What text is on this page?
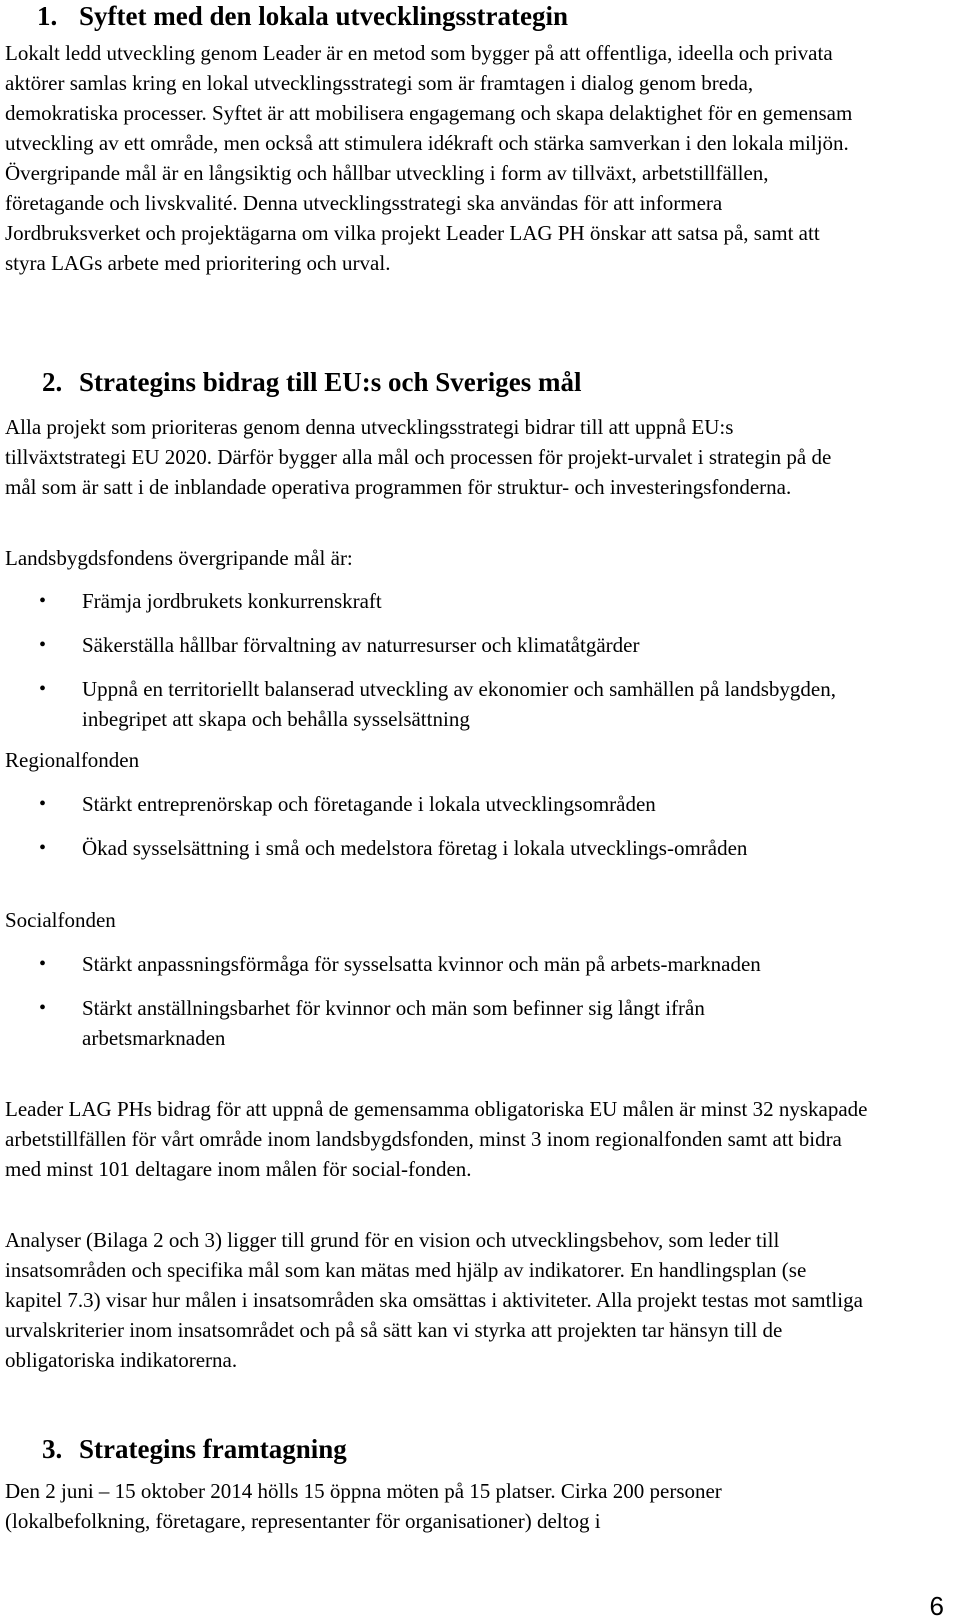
1. Syftet med den lokala utvecklingsstrategin

Lokalt ledd utveckling genom Leader är en metod som bygger på att offentliga, ideella och privata aktörer samlas kring en lokal utvecklingsstrategi som är framtagen i dialog genom breda, demokratiska processer. Syftet är att mobilisera engagemang och skapa delaktighet för en gemensam utveckling av ett område, men också att stimulera idékraft och stärka samverkan i den lokala miljön. Övergripande mål är en långsiktig och hållbar utveckling i form av tillväxt, arbetstillfällen, företagande och livskvalité. Denna utvecklingsstrategi ska användas för att informera Jordbruksverket och projektägarna om vilka projekt Leader LAG PH önskar att satsa på, samt att styra LAGs arbete med prioritering och urval.

2. Strategins bidrag till EU:s och Sveriges mål

Alla projekt som prioriteras genom denna utvecklingsstrategi bidrar till att uppnå EU:s tillväxtstrategi EU 2020. Därför bygger alla mål och processen för projekt-urvalet i strategin på de mål som är satt i de inblandade operativa programmen för struktur- och investeringsfonderna.

Landsbygdsfondens övergripande mål är:

• Främja jordbrukets konkurrenskraft
• Säkerställa hållbar förvaltning av naturresurser och klimatåtgärder
• Uppnå en territoriellt balanserad utveckling av ekonomier och samhällen på landsbygden, inbegripet att skapa och behålla sysselsättning

Regionalfonden

• Stärkt entreprenörskap och företagande i lokala utvecklingsområden
• Ökad sysselsättning i små och medelstora företag i lokala utvecklings-områden

Socialfonden

• Stärkt anpassningsförmåga för sysselsatta kvinnor och män på arbets-marknaden
• Stärkt anställningsbarhet för kvinnor och män som befinner sig långt ifrån arbetsmarknaden

Leader LAG PHs bidrag för att uppnå de gemensamma obligatoriska EU målen är minst 32 nyskapade arbetstillfällen för vårt område inom landsbygdsfonden, minst 3 inom regionalfonden samt att bidra med minst 101 deltagare inom målen för social-fonden.

Analyser (Bilaga 2 och 3) ligger till grund för en vision och utvecklingsbehov, som leder till insatsområden och specifika mål som kan mätas med hjälp av indikatorer. En handlingsplan (se kapitel 7.3) visar hur målen i insatsområden ska omsättas i aktiviteter. Alla projekt testas mot samtliga urvalskriterier inom insatsområdet och på så sätt kan vi styrka att projekten tar hänsyn till de obligatoriska indikatorerna.

3. Strategins framtagning

Den 2 juni – 15 oktober 2014 hölls 15 öppna möten på 15 platser. Cirka 200 personer (lokalbefolkning, företagare, representanter för organisationer) deltog i

6
